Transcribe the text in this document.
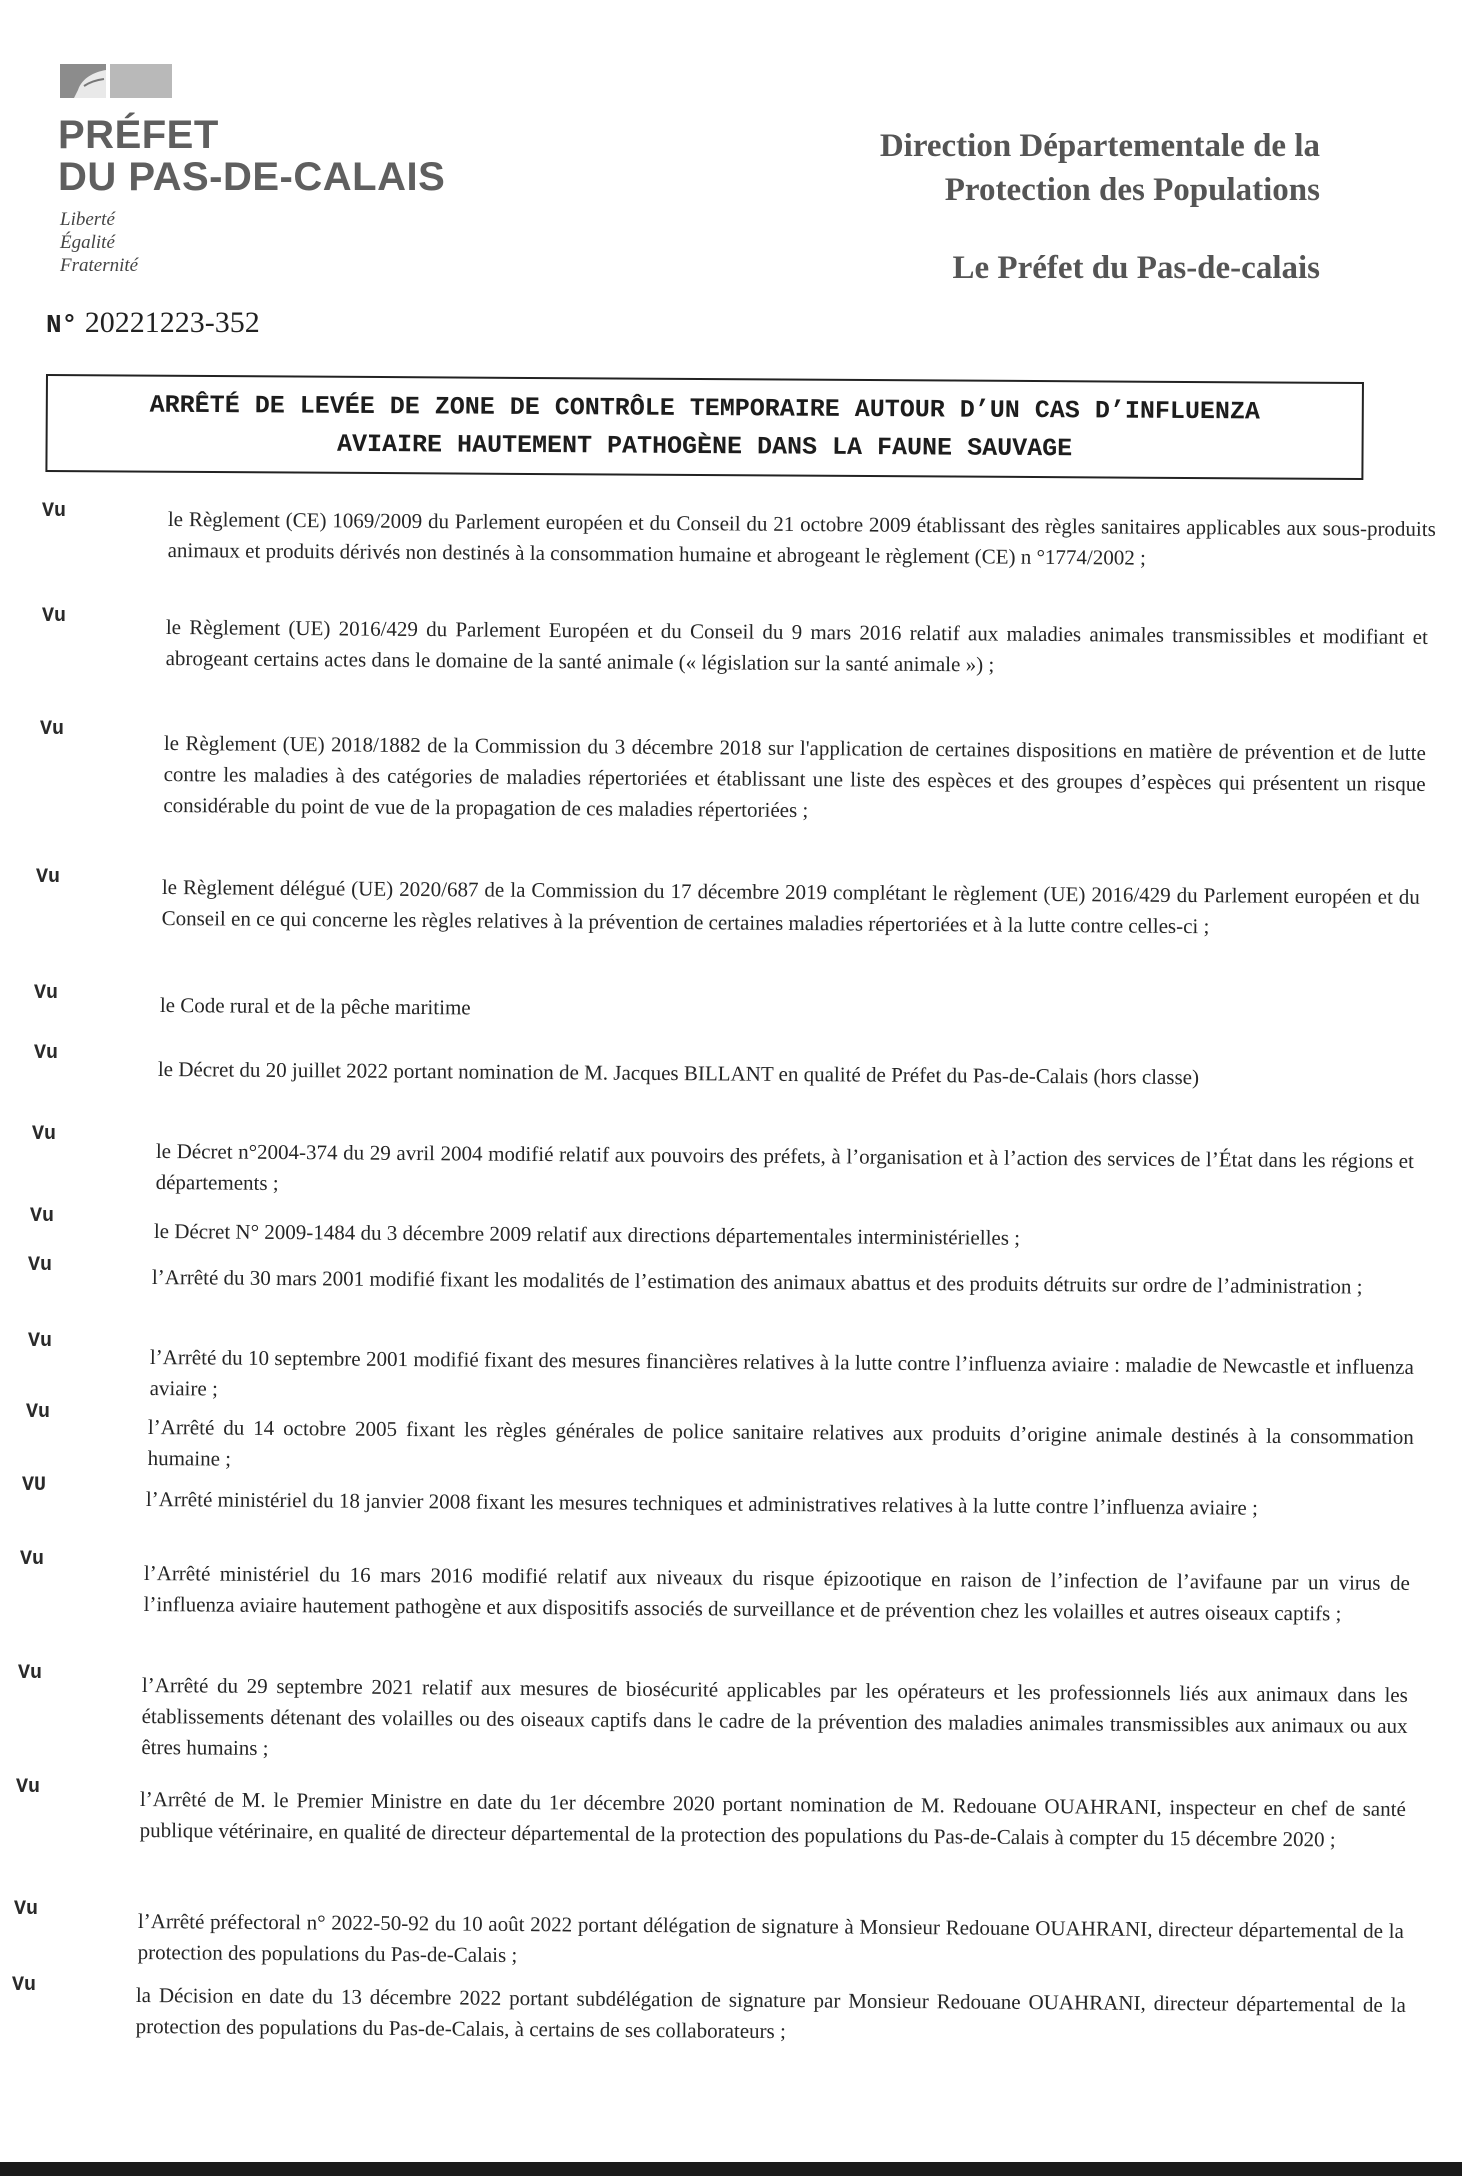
PRÉFET
DU PAS-DE-CALAIS
Liberté
Égalité
Fraternité
N° 20221223-352
Direction Départementale de la
Protection des Populations
Le Préfet du Pas-de-calais
ARRÊTÉ DE LEVÉE DE ZONE DE CONTRÔLE TEMPORAIRE AUTOUR D’UN CAS D’INFLUENZA
AVIAIRE HAUTEMENT PATHOGÈNE DANS LA FAUNE SAUVAGE
Vu
Vu
Vu
Vu
Vu
Vu
Vu
Vu
Vu
Vu
Vu
VU
Vu
Vu
Vu
Vu
Vu
le Règlement (CE) 1069/2009 du Parlement européen et du Conseil du 21 octobre 2009 établissant des règles sanitaires applicables aux sous-produits animaux et produits dérivés non destinés à la consommation humaine et abrogeant le règlement (CE) n °1774/2002 ;
le Règlement (UE) 2016/429 du Parlement Européen et du Conseil du 9 mars 2016 relatif aux maladies animales transmissibles et modifiant et abrogeant certains actes dans le domaine de la santé animale (« législation sur la santé animale ») ;
le Règlement (UE) 2018/1882 de la Commission du 3 décembre 2018 sur l'application de certaines dispositions en matière de prévention et de lutte contre les maladies à des catégories de maladies répertoriées et établissant une liste des espèces et des groupes d’espèces qui présentent un risque considérable du point de vue de la propagation de ces maladies répertoriées ;
le Règlement délégué (UE) 2020/687 de la Commission du 17 décembre 2019 complétant le règlement (UE) 2016/429 du Parlement européen et du Conseil en ce qui concerne les règles relatives à la prévention de certaines maladies répertoriées et à la lutte contre celles-ci ;
le Code rural et de la pêche maritime
le Décret du 20 juillet 2022 portant nomination de M. Jacques BILLANT en qualité de Préfet du Pas-de-Calais (hors classe)
le Décret n°2004-374 du 29 avril 2004 modifié relatif aux pouvoirs des préfets, à l’organisation et à l’action des services de l’État dans les régions et départements ;
le Décret N° 2009-1484 du 3 décembre 2009 relatif aux directions départementales interministérielles ;
l’Arrêté du 30 mars 2001 modifié fixant les modalités de l’estimation des animaux abattus et des produits détruits sur ordre de l’administration ;
l’Arrêté du 10 septembre 2001 modifié fixant des mesures financières relatives à la lutte contre l’influenza aviaire : maladie de Newcastle et influenza aviaire ;
l’Arrêté du 14 octobre 2005 fixant les règles générales de police sanitaire relatives aux produits d’origine animale destinés à la consommation humaine ;
l’Arrêté ministériel du 18 janvier 2008 fixant les mesures techniques et administratives relatives à la lutte contre l’influenza aviaire ;
l’Arrêté ministériel du 16 mars 2016 modifié relatif aux niveaux du risque épizootique en raison de l’infection de l’avifaune par un virus de l’influenza aviaire hautement pathogène et aux dispositifs associés de surveillance et de prévention chez les volailles et autres oiseaux captifs ;
l’Arrêté du 29 septembre 2021 relatif aux mesures de biosécurité applicables par les opérateurs et les professionnels liés aux animaux dans les établissements détenant des volailles ou des oiseaux captifs dans le cadre de la prévention des maladies animales transmissibles aux animaux ou aux êtres humains ;
l’Arrêté de M. le Premier Ministre en date du 1er décembre 2020 portant nomination de M. Redouane OUAHRANI, inspecteur en chef de santé publique vétérinaire, en qualité de directeur départemental de la protection des populations du Pas-de-Calais à compter du 15 décembre 2020 ;
l’Arrêté préfectoral n° 2022-50-92 du 10 août 2022 portant délégation de signature à Monsieur Redouane OUAHRANI, directeur départemental de la protection des populations du Pas-de-Calais ;
la Décision en date du 13 décembre 2022 portant subdélégation de signature par Monsieur Redouane OUAHRANI, directeur départemental de la protection des populations du Pas-de-Calais, à certains de ses collaborateurs ;
